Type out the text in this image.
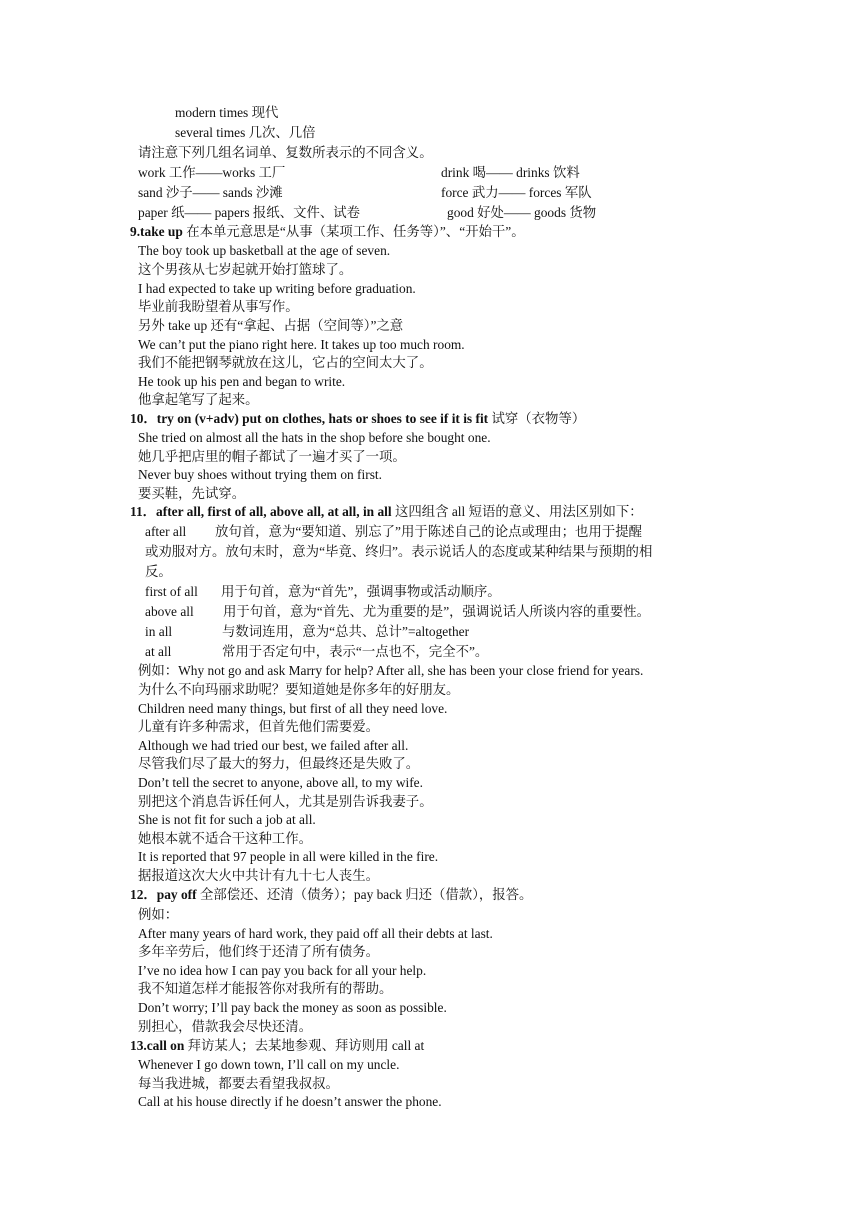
modern times 现代
several times 几次、几倍
请注意下列几组名词单、复数所表示的不同含义。
work 工作——works 工厂	drink 喝—— drinks 饮料
sand 沙子—— sands 沙滩	force 武力—— forces 军队
paper 纸—— papers 报纸、文件、试卷	good 好处—— goods 货物
9.take up 在本单元意思是“从事（某项工作、任务等）”、“开始干”。
The boy took up basketball at the age of seven.
这个男孩从七岁起就开始打篮球了。
I had expected to take up writing before graduation.
毕业前我盼望着从事写作。
另外 take up 还有“拿起、占据（空间等）”之意
We can’t put the piano right here. It takes up too much room.
我们不能把钢琴就放在这儿，它占的空间太大了。
He took up his pen and began to write.
他拿起笔写了起来。
10．try on (v+adv) put on clothes, hats or shoes to see if it is fit 试穿（衣物等）
She tried on almost all the hats in the shop before she bought one.
她几乎把店里的帽子都试了一遍才买了一项。
Never buy shoes without trying them on first.
要买鞋，先试穿。
11．after all, first of all, above all, at all, in all 这四组含 all 短语的意义、用法区别如下：
after all 放句首，意为“要知道、别忘了”用于陈述自己的论点或理由；也用于提醒
或劝服对方。放句末时，意为“毕竟、终归”。表示说话人的态度或某种结果与预期的相
反。
first of all 用于句首，意为“首先”，强调事物或活动顺序。
above all 用于句首，意为“首先、尤为重要的是”，强调说话人所谈内容的重要性。
in all	与数词连用，意为“总共、总计”=altogether
at all	常用于否定句中，表示“一点也不，完全不”。
例如：Why not go and ask Marry for help? After all, she has been your close friend for years.
为什么不向玛丽求助呢？要知道她是你多年的好朋友。
Children need many things, but first of all they need love.
儿童有许多种需求，但首先他们需要爱。
Although we had tried our best, we failed after all.
尽管我们尽了最大的努力，但最终还是失败了。
Don’t tell the secret to anyone, above all, to my wife.
别把这个消息告诉任何人，尤其是别告诉我妻子。
She is not fit for such a job at all.
她根本就不适合干这种工作。
It is reported that 97 people in all were killed in the fire.
据报道这次大火中共计有九十七人丧生。
12．pay off 全部偿还、还清（债务）；pay back 归还（借款），报答。
例如：
After many years of hard work, they paid off all their debts at last.
多年辛劳后，他们终于还清了所有债务。
I’ve no idea how I can pay you back for all your help.
我不知道怎样才能报答你对我所有的帮助。
Don’t worry; I’ll pay back the money as soon as possible.
别担心，借款我会尽快还清。
13.call on 拜访某人；去某地参观、拜访则用 call at
Whenever I go down town, I’ll call on my uncle.
每当我进城，都要去看望我叔叔。
Call at his house directly if he doesn’t answer the phone.
